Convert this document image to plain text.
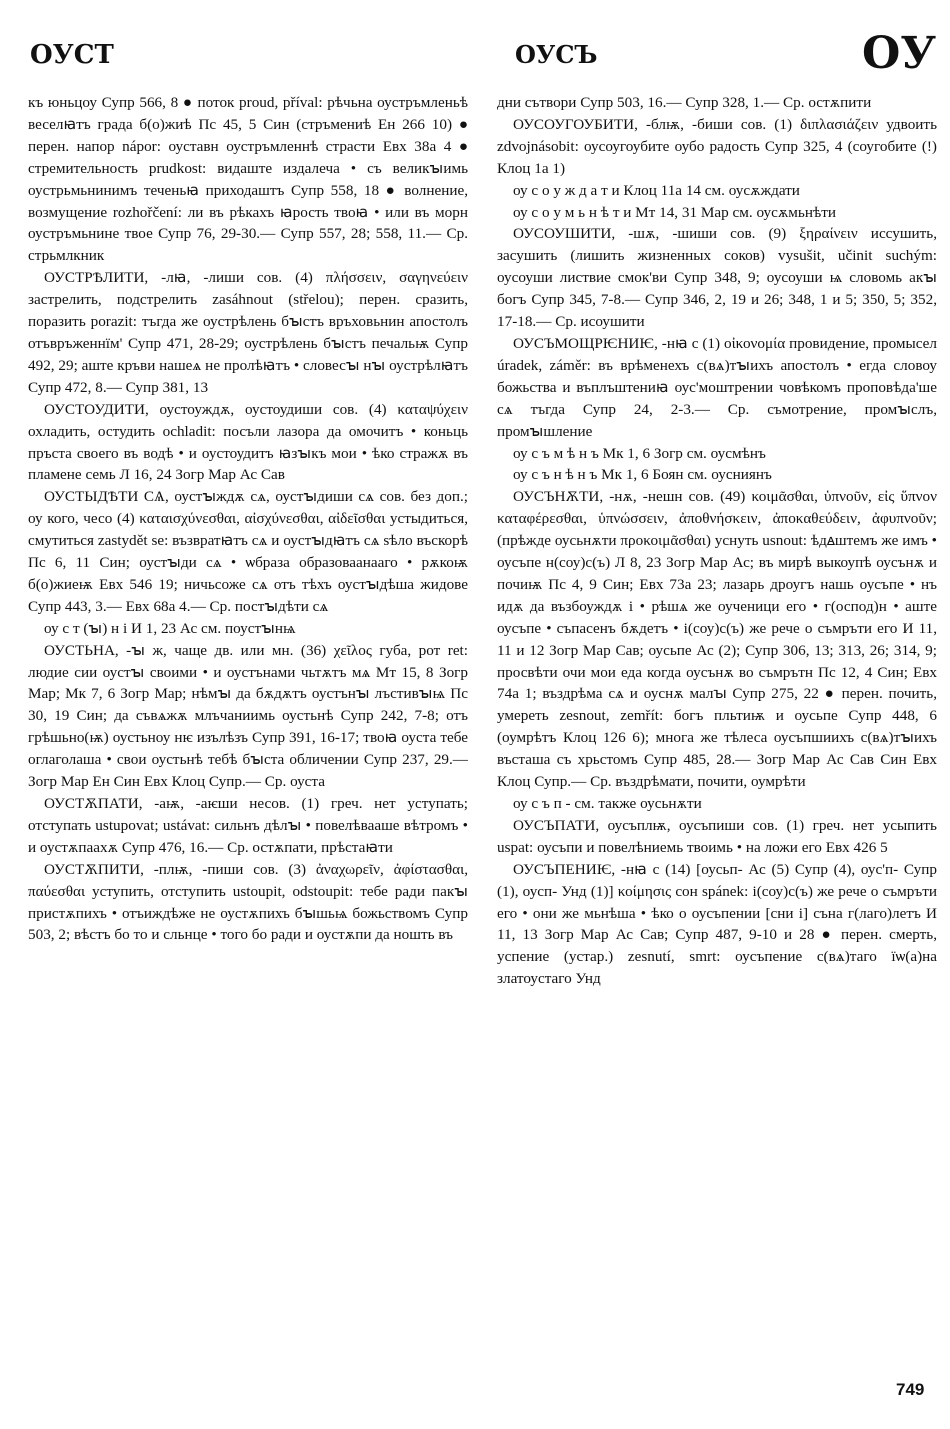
ОУСТ	ОУСЪ	ОУ

къ юньцоу Супр 566, 8 ● поток proud, příval: рѣчьна оустръмленьѣ веселꙗтъ града б(о)жиѣ Пс 45, 5 Син (стръмениѣ Ен 266 10) ● перен. напор nápor: оуставн оустръмленнѣ страсти Евх 38а 4 ● стремительность prudkost: видаште издалеча • съ великꙑимь оустрьмьнинимъ теченьꙗ приходаштъ Супр 558, 18 ● волнение, возмущение rozhořčení: ли въ рѣкахъ ꙗрость твоꙗ • или въ морн оустръмьнине твое Супр 76, 29-30.— Супр 557, 28; 558, 11.— Ср. стрьмлкник

ОУСТРѢЛИТИ, -лꙗ, -лиши сов. (4) πλήσσειν, σαγηνεύειν застрелить, подстрелить zasáhnout (střelou); перен. сразить, поразить porazit: тъгда же оустрѣлень бꙑстъ връховьнин апостолъ отъвръженнїм' Супр 471, 28-29; оустрѣлень бꙑстъ печальѭ Супр 492, 29; аште кръви нашеѧ не пролѣꙗтъ • словесꙑ нꙑ оустрѣлꙗтъ Супр 472, 8.— Супр 381, 13

ОУСТОУДИТИ, оустоуждѫ, оустоудиши сов. (4) καταψύχειν охладить, остудить ochladit: посъли лазора да омочитъ • коньць пръста своего въ водѣ • и оустоудитъ ꙗзꙑкъ мои • ѣко стражѫ въ пламене семь Л 16, 24 Зогр Мар Ас Сав

ОУСТЫДѢТИ СѦ, оустꙑждѫ сѧ, оустꙑдиши сѧ сов. без доп.; оу кого, чесо (4) καταισχύνεσθαι, αἰσχύνεσθαι, αἰδεῖσθαι устыдиться, смутиться zastydět se: възвратꙗтъ сѧ и оустꙑдꙗтъ сѧ ѕѣло въскорѣ Пс 6, 11 Син; оустꙑди сѧ • ѡбраза образоваанааго • рѫкоѭ б(о)жиеѭ Евх 546 19; ничьсоже сѧ отъ тѣхъ оустꙑдѣша жидове Супр 443, 3.— Евх 68а 4.— Ср. постꙑдѣти сѧ

оу с т (ꙑ) н і И 1, 23 Ас см. поустꙑнѩ

ОУСТЬНА, -ꙑ ж, чаще дв. или мн. (36) χεῖλος губа, рот ret: людие сии оустꙑ своими • и оустънами чьтѫтъ мѧ Мт 15, 8 Зогр Мар; Мк 7, 6 Зогр Мар; нѣмꙑ да бѫдѫтъ оустънꙑ лъстивꙑѩ Пс 30, 19 Син; да съвѧжѫ млъчаниимь оустьнѣ Супр 242, 7-8; отъ грѣшьно(ѭ) оустьноу нѥ изълѣзъ Супр 391, 16-17; твоꙗ оуста тебе оглаголаша • свои оустьнѣ тебѣ бꙑста обличении Супр 237, 29.— Зогр Мар Ен Син Евх Клоц Супр.— Ср. оуста

ОУСТѪПАТИ, -аѭ, -аѥши несов. (1) греч. нет уступать; отступать ustupovat; ustávat: сильнъ дѣлꙑ • повелѣваaше вѣтромъ • и оустѫпаахѫ Супр 476, 16.— Ср. остѫпати, прѣстаꙗти

ОУСТѪПИТИ, -плѭ, -пиши сов. (3) ἀναχωρεῖν, ἀφίστασθαι, παύεσθαι уступить, отступить ustoupit, odstoupit: тебе ради пакꙑ пристѫпихъ • отъиждѣже не оустѫпихъ бꙑшьѩ божьствомъ Супр 503, 2; вѣстъ бо то и сльнце • того бо ради и оустѫпи да ношть въ

дни сътвори Супр 503, 16.— Супр 328, 1.— Ср. остѫпити

ОУСОУГОУБИТИ, -блѭ, -биши сов. (1) διπλασιάζειν удвоить zdvojnásobit: оусоугоубите оубо радость Супр 325, 4 (соугобите (!) Клоц 1а 1)

оу с о у ж д а т и Клоц 11а 14 см. оусѫждати

оу с о у м ь н ѣ т и Мт 14, 31 Мар см. оусѫмьнѣти

ОУСОУШИТИ, -шѫ, -шиши сов. (9) ξηραίνειν иссушить, засушить (лишить жизненных соков) vysušit, učinit suchým: оусоуши листвие смок'ви Супр 348, 9; оусоуши ѩ словомь акꙑ богъ Супр 345, 7-8.— Супр 346, 2, 19 и 26; 348, 1 и 5; 350, 5; 352, 17-18.— Ср. исоушити

ОУСЪМОЩРѤНИѤ, -нꙗ с (1) οἰκονομία провидение, промысел úradek, záměr: въ врѣменехъ с(вѧ)тꙑихъ апостолъ • егда словоу божьства и въплъштениꙗ оус'моштрении човѣкомъ проповѣда'ше сѧ тъгда Супр 24, 2-3.— Ср. съмотрение, промꙑслъ, промꙑшление

оу с ъ м ѣ н ъ Мк 1, 6 Зогр см. оусмѣнъ

оу с ъ н ѣ н ъ Мк 1, 6 Боян см. оусниянъ

ОУСЪНѪТИ, -нѫ, -нешн сов. (49) κοιμᾶσθαι, ὑπνοῦν, εἰς ὕπνον καταφέρεσθαι, ὑπνώσσειν, ἀποθνήσκειν, ἀποκαθεύδειν, ἀφυπνοῦν; (прѣжде оусьнѫти προκοιμᾶσθαι) уснуть usnout: ѣдꙙштемъ же имъ • оусъпе н(соу)с(ъ) Л 8, 23 Зогр Мар Ас; въ мирѣ выкоупѣ оусънѫ и почиѭ Пс 4, 9 Син; Евх 73а 23; лазарь дроугъ нашь оусъпе • нъ идѫ да възбоуждѫ і • рѣшѧ же оученици его • г(оспод)н • аште оусъпе • съпасенъ бѫдетъ • і(соу)с(ъ) же рече о съмръти его И 11, 11 и 12 Зогр Мар Сав; оусьпе Ас (2); Супр 306, 13; 313, 26; 314, 9; просвѣти очи мои еда когда оусънѫ во съмрътн Пс 12, 4 Син; Евх 74а 1; въздрѣма сѧ и оуснѫ малꙑ Супр 275, 22 ● перен. почить, умереть zesnout, zemřít: богъ пльтиѭ и оусьпе Супр 448, 6 (оумрѣтъ Клоц 126 6); многа же тѣлеса оусъпшиихъ с(вѧ)тꙑихъ въсташа съ хрьстомъ Супр 485, 28.— Зогр Мар Ас Сав Син Евх Клоц Супр.— Ср. въздрѣмати, почити, оумрѣти

оу с ъ п - см. также оусьнѫти

ОУСЪПАТИ, оусъплѭ, оусъпиши сов. (1) греч. нет усыпить uspat: оусъпи и повелѣниемь твоимь • на ложи его Евх 426 5

ОУСЪПЕНИѤ, -нꙗ с (14) [оусьп- Ас (5) Супр (4), оус'п- Супр (1), оусп- Унд (1)] κοίμησις сон spánek: і(соу)с(ъ) же рече о съмръти его • они же мьнѣша • ѣко о оусъпении [сни і] съна г(лаго)летъ И 11, 13 Зогр Мар Ас Сав; Супр 487, 9-10 и 28 ● перен. смерть, успение (устар.) zesnutí, smrt: оусъпение с(вѧ)таго їѡ(а)на златоустаго Унд

749
